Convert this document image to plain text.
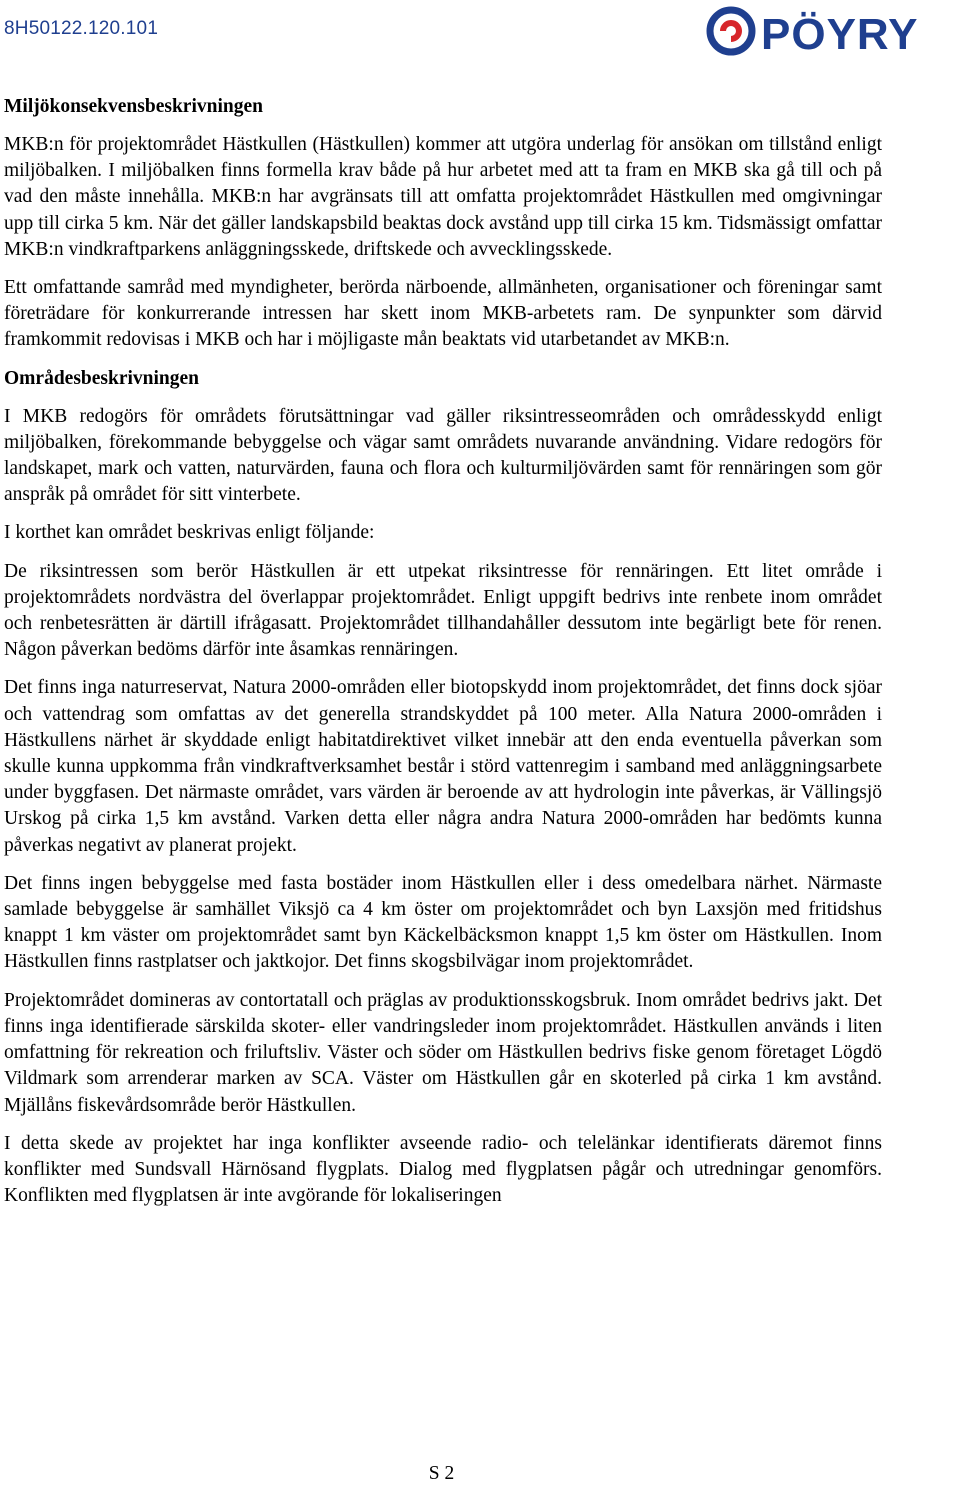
8H50122.120.101	PÖYRY
Miljökonsekvensbeskrivningen

MKB:n för projektområdet Hästkullen (Hästkullen) kommer att utgöra underlag för ansökan om tillstånd enligt miljöbalken. I miljöbalken finns formella krav både på hur arbetet med att ta fram en MKB ska gå till och på vad den måste innehålla. MKB:n har avgränsats till att omfatta projektområdet Hästkullen med omgivningar upp till cirka 5 km. När det gäller landskapsbild beaktas dock avstånd upp till cirka 15 km. Tidsmässigt omfattar MKB:n vindkraftparkens anläggningsskede, driftskede och avvecklingsskede.

Ett omfattande samråd med myndigheter, berörda närboende, allmänheten, organisationer och föreningar samt företrädare för konkurrerande intressen har skett inom MKB-arbetets ram. De synpunkter som därvid framkommit redovisas i MKB och har i möjligaste mån beaktats vid utarbetandet av MKB:n.

Områdesbeskrivningen

I MKB redogörs för områdets förutsättningar vad gäller riksintresseområden och områdesskydd enligt miljöbalken, förekommande bebyggelse och vägar samt områdets nuvarande användning. Vidare redogörs för landskapet, mark och vatten, naturvärden, fauna och flora och kulturmiljövärden samt för rennäringen som gör anspråk på området för sitt vinterbete.

I korthet kan området beskrivas enligt följande:

De riksintressen som berör Hästkullen är ett utpekat riksintresse för rennäringen. Ett litet område i projektområdets nordvästra del överlappar projektområdet. Enligt uppgift bedrivs inte renbete inom området och renbetesrätten är därtill ifrågasatt. Projektområdet tillhandahåller dessutom inte begärligt bete för renen. Någon påverkan bedöms därför inte åsamkas rennäringen.

Det finns inga naturreservat, Natura 2000-områden eller biotopskydd inom projektområdet, det finns dock sjöar och vattendrag som omfattas av det generella strandskyddet på 100 meter. Alla Natura 2000-områden i Hästkullens närhet är skyddade enligt habitatdirektivet vilket innebär att den enda eventuella påverkan som skulle kunna uppkomma från vindkraftverksamhet består i störd vattenregim i samband med anläggningsarbete under byggfasen. Det närmaste området, vars värden är beroende av att hydrologin inte påverkas, är Vällingsjö Urskog på cirka 1,5 km avstånd. Varken detta eller några andra Natura 2000-områden har bedömts kunna påverkas negativt av planerat projekt.

Det finns ingen bebyggelse med fasta bostäder inom Hästkullen eller i dess omedelbara närhet. Närmaste samlade bebyggelse är samhället Viksjö ca 4 km öster om projektområdet och byn Laxsjön med fritidshus knappt 1 km väster om projektområdet samt byn Käckelbäcksmon knappt 1,5 km öster om Hästkullen. Inom Hästkullen finns rastplatser och jaktkojor. Det finns skogsbilvägar inom projektområdet.

Projektområdet domineras av contortatall och präglas av produktionsskogsbruk. Inom området bedrivs jakt. Det finns inga identifierade särskilda skoter- eller vandringsleder inom projektområdet. Hästkullen används i liten omfattning för rekreation och friluftsliv. Väster och söder om Hästkullen bedrivs fiske genom företaget Lögdö Vildmark som arrenderar marken av SCA. Väster om Hästkullen går en skoterled på cirka 1 km avstånd. Mjällåns fiskevårdsområde berör Hästkullen.

I detta skede av projektet har inga konflikter avseende radio- och telelänkar identifierats däremot finns konflikter med Sundsvall Härnösand flygplats. Dialog med flygplatsen pågår och utredningar genomförs. Konflikten med flygplatsen är inte avgörande för lokaliseringen

S 2
